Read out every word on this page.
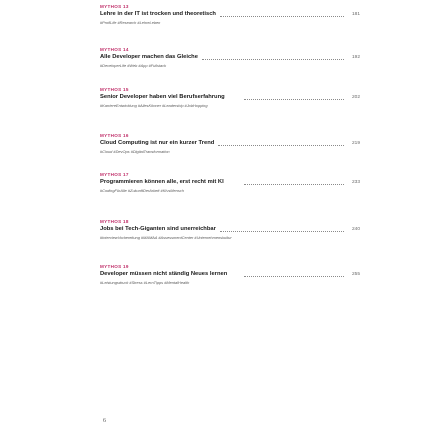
MYTHOS 13
Lehre in der IT ist trocken und theoretisch	181
#ProfiLife #Research #LehreLeben
MYTHOS 14
Alle Developer machen das Gleiche	192
#DeveloperLife #Web #App #Fullstack
MYTHOS 15
Senior Developer haben viel Berufserfahrung	202
#KarriereEntwicklung #AllesKönner #Leadership #JobHopping
MYTHOS 16
Cloud Computing ist nur ein kurzer Trend	219
#Cloud #DevOps #DigitalTransformation
MYTHOS 17
Programmieren können alle, erst recht mit KI	233
#CodingFürAlle #ZukunftDerArbeit #KIvsMensch
MYTHOS 18
Jobs bei Tech-Giganten sind unerreichbar	240
#InterviewVorbereitung #MAMAA #AssessmentCenter #Unternehmenskultur
MYTHOS 19
Developer müssen nicht ständig Neues lernen	255
#Leistungsdruck #Stress #LernTipps #MentalHealth
6
